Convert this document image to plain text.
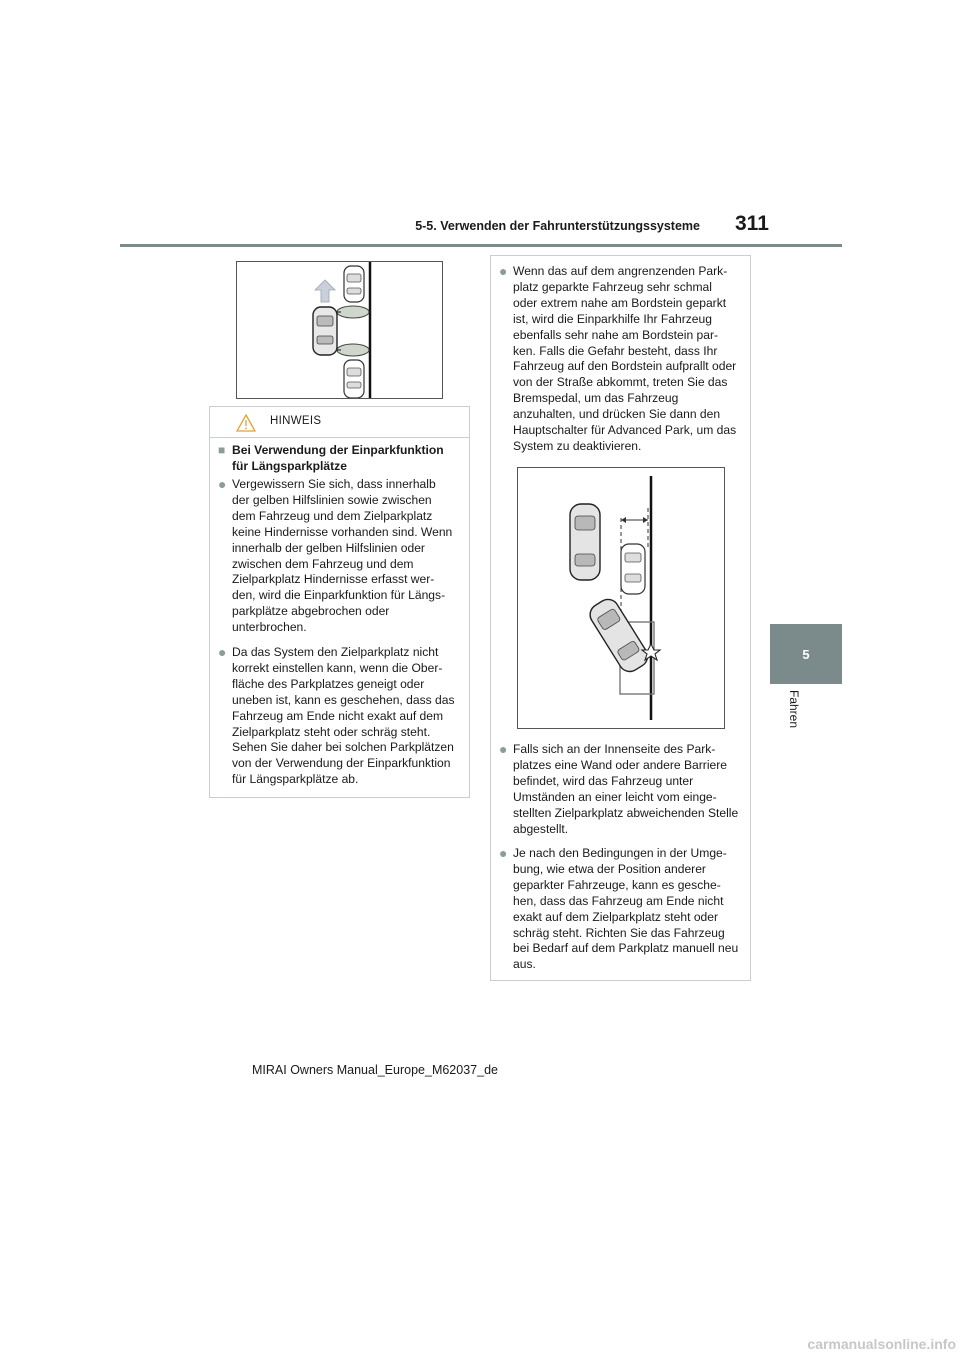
5-5. Verwenden der Fahrunterstützungssysteme 311
5
Fahren
HINWEIS
■ Bei Verwendung der Einparkfunktion für Längsparkplätze
● Vergewissern Sie sich, dass innerhalb der gelben Hilfslinien sowie zwischen dem Fahrzeug und dem Zielparkplatz keine Hindernisse vorhanden sind. Wenn innerhalb der gelben Hilfslinien oder zwischen dem Fahrzeug und dem Zielparkplatz Hindernisse erfasst wer-den, wird die Einparkfunktion für Längs-parkplätze abgebrochen oder unterbrochen.
● Da das System den Zielparkplatz nicht korrekt einstellen kann, wenn die Ober-fläche des Parkplatzes geneigt oder uneben ist, kann es geschehen, dass das Fahrzeug am Ende nicht exakt auf dem Zielparkplatz steht oder schräg steht. Sehen Sie daher bei solchen Parkplätzen von der Verwendung der Einparkfunktion für Längsparkplätze ab.
● Wenn das auf dem angrenzenden Park-platz geparkte Fahrzeug sehr schmal oder extrem nahe am Bordstein geparkt ist, wird die Einparkhilfe Ihr Fahrzeug ebenfalls sehr nahe am Bordstein par-ken. Falls die Gefahr besteht, dass Ihr Fahrzeug auf den Bordstein aufprallt oder von der Straße abkommt, treten Sie das Bremspedal, um das Fahrzeug anzuhalten, und drücken Sie dann den Hauptschalter für Advanced Park, um das System zu deaktivieren.
● Falls sich an der Innenseite des Park-platzes eine Wand oder andere Barriere befindet, wird das Fahrzeug unter Umständen an einer leicht vom einge-stellten Zielparkplatz abweichenden Stelle abgestellt.
● Je nach den Bedingungen in der Umge-bung, wie etwa der Position anderer geparkter Fahrzeuge, kann es gesche-hen, dass das Fahrzeug am Ende nicht exakt auf dem Zielparkplatz steht oder schräg steht. Richten Sie das Fahrzeug bei Bedarf auf dem Parkplatz manuell neu aus.
MIRAI Owners Manual_Europe_M62037_de
carmanualsonline.info
